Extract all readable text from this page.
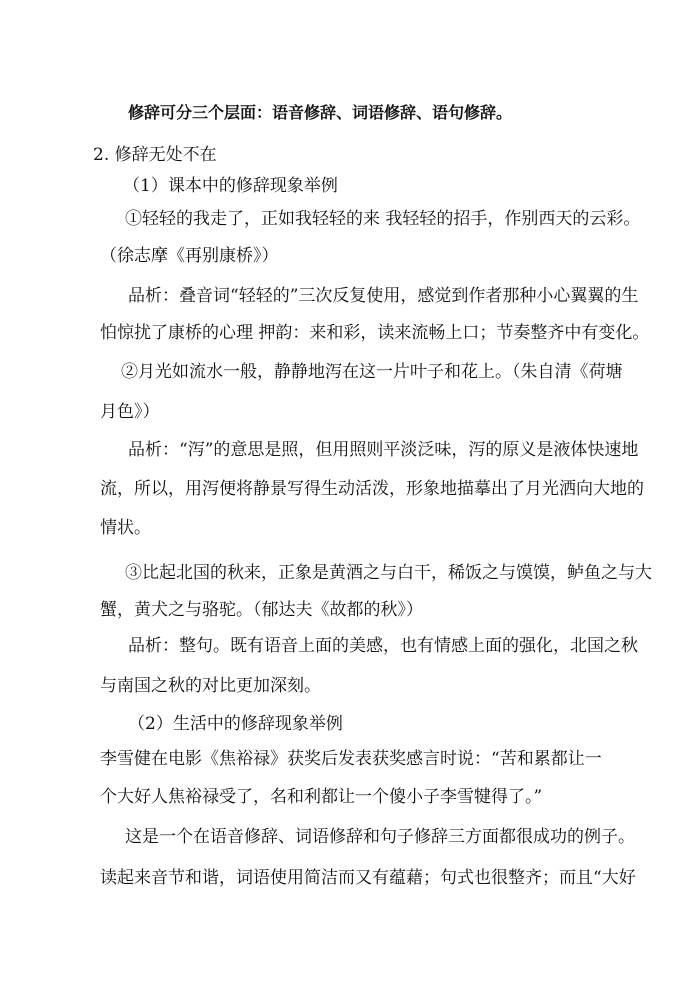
修辞可分三个层面：语音修辞、词语修辞、语句修辞。

2. 修辞无处不在

（1）课本中的修辞现象举例

①轻轻的我走了，正如我轻轻的来 我轻轻的招手，作别西天的云彩。

（徐志摩《再别康桥》）

品析：叠音词“轻轻的”三次反复使用，感觉到作者那种小心翼翼的生

怕惊扰了康桥的心理 押韵：来和彩，读来流畅上口；节奏整齐中有变化。

②月光如流水一般，静静地泻在这一片叶子和花上。（朱自清《荷塘

月色》）

品析：“泻”的意思是照，但用照则平淡泛味，泻的原义是液体快速地

流，所以，用泻便将静景写得生动活泼，形象地描摹出了月光洒向大地的

情状。

③比起北国的秋来，正象是黄酒之与白干，稀饭之与馍馍，鲈鱼之与大

蟹，黄犬之与骆驼。（郁达夫《故都的秋》）

品析：整句。既有语音上面的美感，也有情感上面的强化，北国之秋

与南国之秋的对比更加深刻。

（2）生活中的修辞现象举例

李雪健在电影《焦裕禄》获奖后发表获奖感言时说：“苦和累都让一

个大好人焦裕禄受了，名和利都让一个傻小子李雪犍得了。”

这是一个在语音修辞、词语修辞和句子修辞三方面都很成功的例子。

读起来音节和谐，词语使用简洁而又有蕴藉；句式也很整齐；而且“大好
